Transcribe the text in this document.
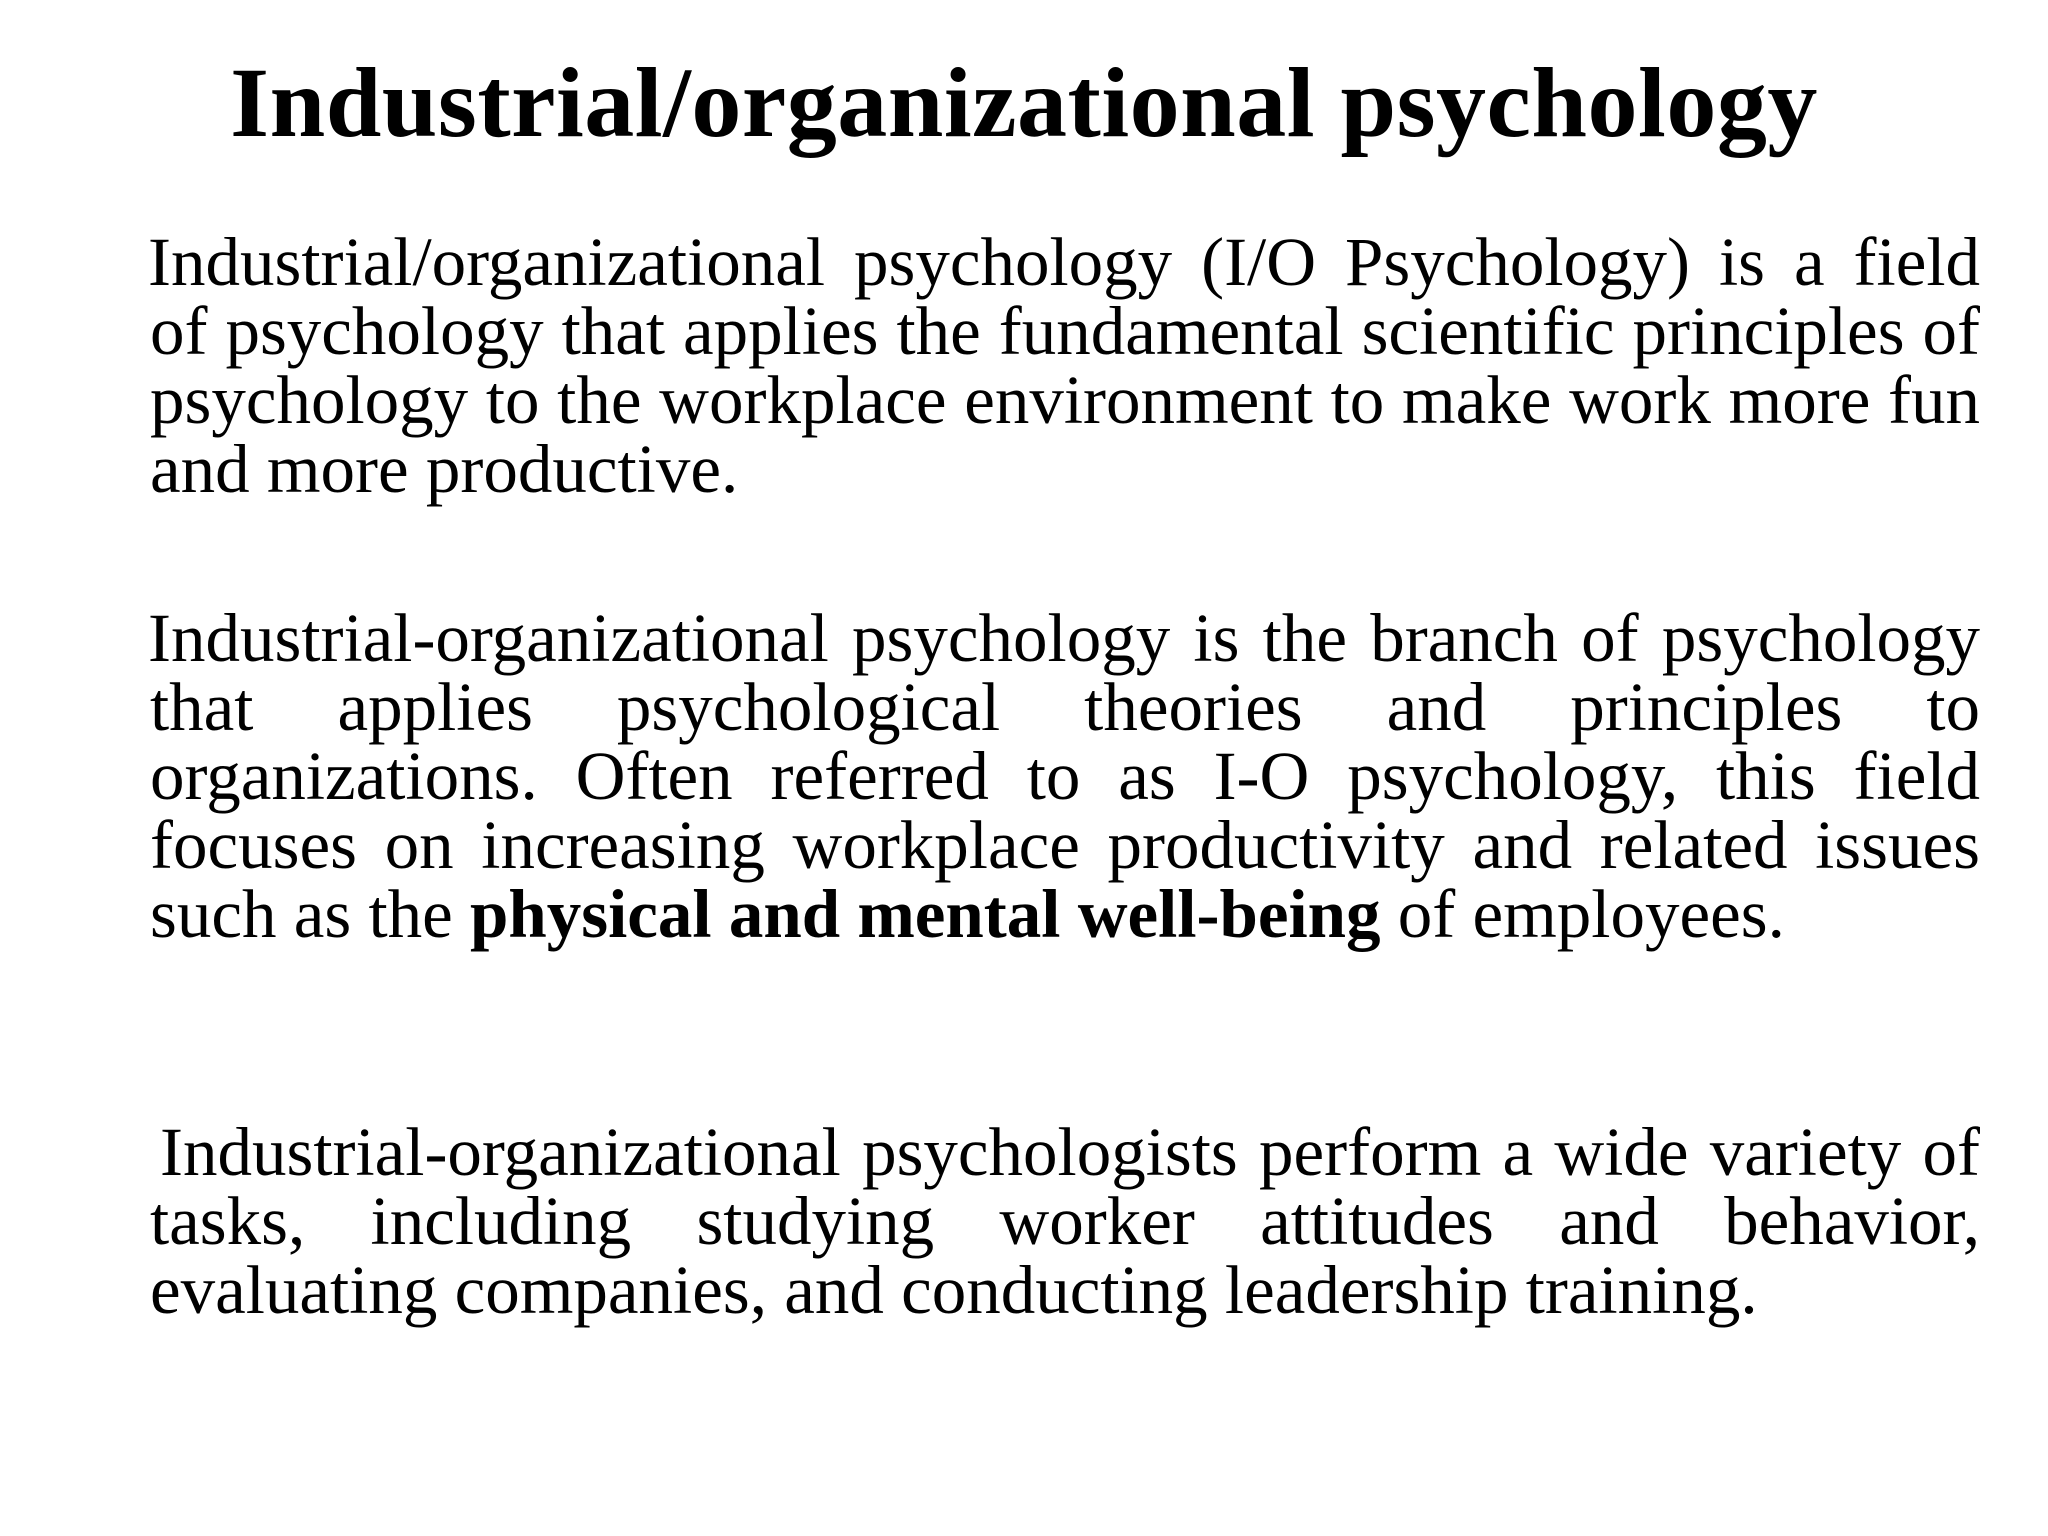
Industrial/organizational psychology

Industrial/organizational psychology (I/O Psychology) is a field of psychology that applies the fundamental scientific principles of psychology to the workplace environment to make work more fun and more productive.

Industrial-organizational psychology is the branch of psychology that applies psychological theories and principles to organizations. Often referred to as I-O psychology, this field focuses on increasing workplace productivity and related issues such as the physical and mental well-being of employees.

Industrial-organizational psychologists perform a wide variety of tasks, including studying worker attitudes and behavior, evaluating companies, and conducting leadership training.
